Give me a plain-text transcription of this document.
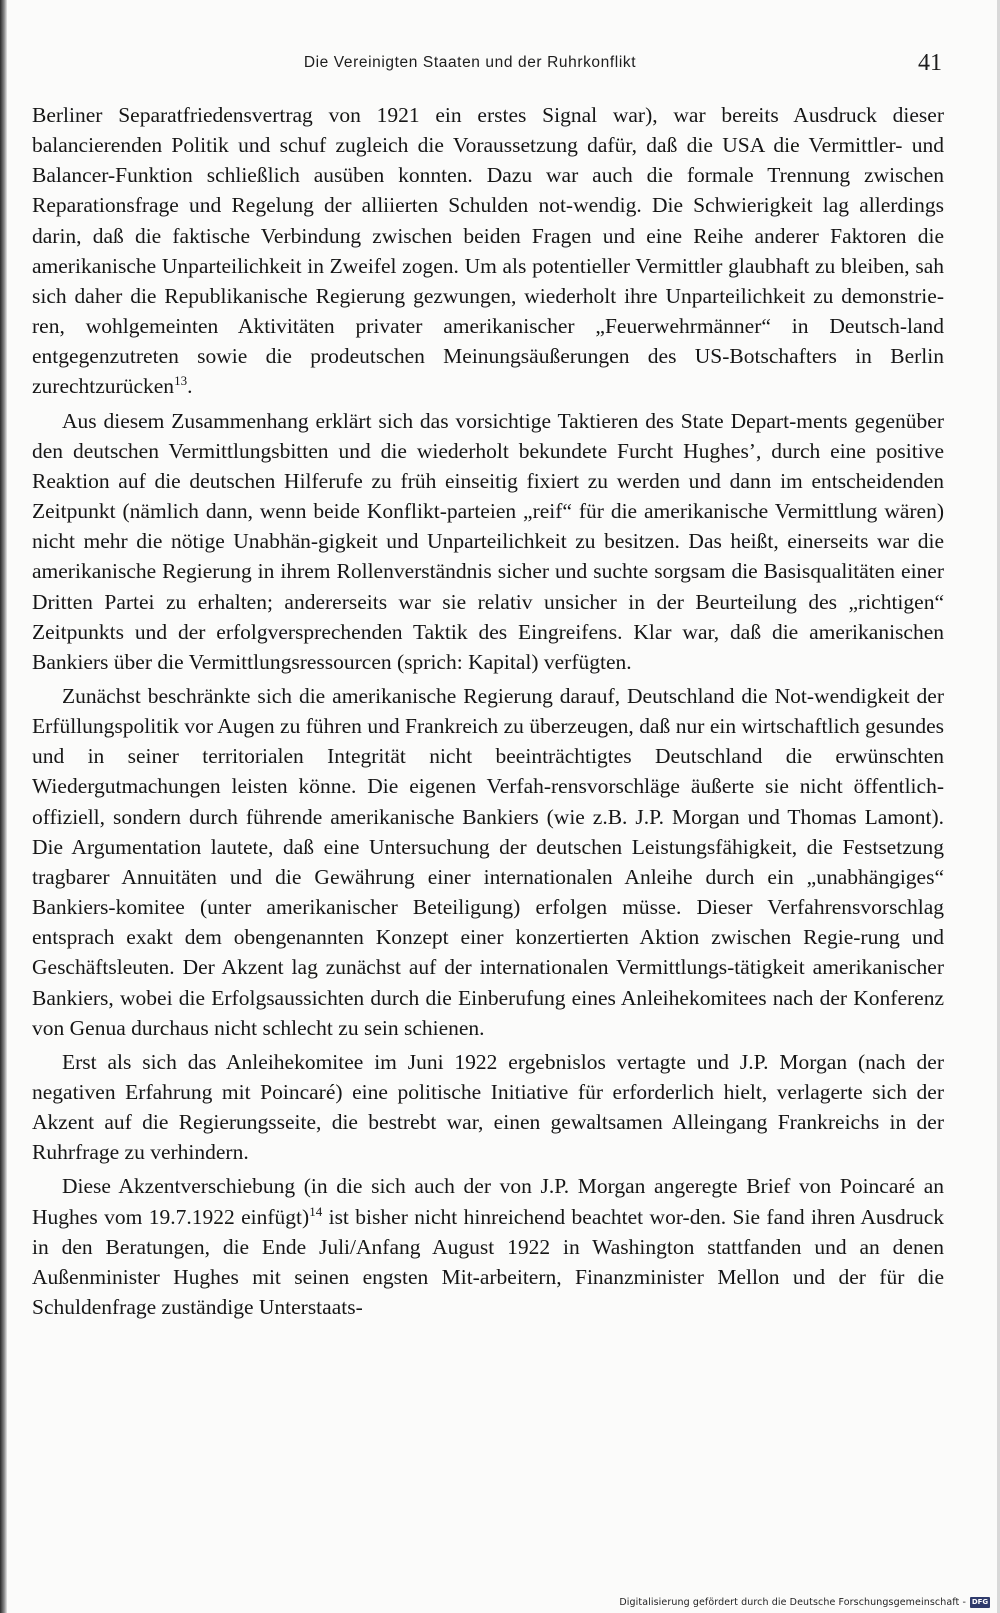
Die Vereinigten Staaten und der Ruhrkonflikt	41

Berliner Separatfriedensvertrag von 1921 ein erstes Signal war), war bereits Ausdruck dieser balancierenden Politik und schuf zugleich die Voraussetzung dafür, daß die USA die Vermittler- und Balancer-Funktion schließlich ausüben konnten. Dazu war auch die formale Trennung zwischen Reparationsfrage und Regelung der alliierten Schulden not-wendig. Die Schwierigkeit lag allerdings darin, daß die faktische Verbindung zwischen beiden Fragen und eine Reihe anderer Faktoren die amerikanische Unparteilichkeit in Zweifel zogen. Um als potentieller Vermittler glaubhaft zu bleiben, sah sich daher die Republikanische Regierung gezwungen, wiederholt ihre Unparteilichkeit zu demonstrie-ren, wohlgemeinten Aktivitäten privater amerikanischer „Feuerwehrmänner“ in Deutsch-land entgegenzutreten sowie die prodeutschen Meinungsäußerungen des US-Botschafters in Berlin zurechtzurücken$^{13}$.

Aus diesem Zusammenhang erklärt sich das vorsichtige Taktieren des State Depart-ments gegenüber den deutschen Vermittlungsbitten und die wiederholt bekundete Furcht Hughes’, durch eine positive Reaktion auf die deutschen Hilferufe zu früh einseitig fixiert zu werden und dann im entscheidenden Zeitpunkt (nämlich dann, wenn beide Konflikt-parteien „reif“ für die amerikanische Vermittlung wären) nicht mehr die nötige Unabhän-gigkeit und Unparteilichkeit zu besitzen. Das heißt, einerseits war die amerikanische Regierung in ihrem Rollenverständnis sicher und suchte sorgsam die Basisqualitäten einer Dritten Partei zu erhalten; andererseits war sie relativ unsicher in der Beurteilung des „richtigen“ Zeitpunkts und der erfolgversprechenden Taktik des Eingreifens. Klar war, daß die amerikanischen Bankiers über die Vermittlungsressourcen (sprich: Kapital) verfügten.

Zunächst beschränkte sich die amerikanische Regierung darauf, Deutschland die Not-wendigkeit der Erfüllungspolitik vor Augen zu führen und Frankreich zu überzeugen, daß nur ein wirtschaftlich gesundes und in seiner territorialen Integrität nicht beeinträchtigtes Deutschland die erwünschten Wiedergutmachungen leisten könne. Die eigenen Verfah-rensvorschläge äußerte sie nicht öffentlich-offiziell, sondern durch führende amerikanische Bankiers (wie z.B. J.P. Morgan und Thomas Lamont). Die Argumentation lautete, daß eine Untersuchung der deutschen Leistungsfähigkeit, die Festsetzung tragbarer Annuitäten und die Gewährung einer internationalen Anleihe durch ein „unabhängiges“ Bankiers-komitee (unter amerikanischer Beteiligung) erfolgen müsse. Dieser Verfahrensvorschlag entsprach exakt dem obengenannten Konzept einer konzertierten Aktion zwischen Regie-rung und Geschäftsleuten. Der Akzent lag zunächst auf der internationalen Vermittlungs-tätigkeit amerikanischer Bankiers, wobei die Erfolgsaussichten durch die Einberufung eines Anleihekomitees nach der Konferenz von Genua durchaus nicht schlecht zu sein schienen.

Erst als sich das Anleihekomitee im Juni 1922 ergebnislos vertagte und J.P. Morgan (nach der negativen Erfahrung mit Poincaré) eine politische Initiative für erforderlich hielt, verlagerte sich der Akzent auf die Regierungsseite, die bestrebt war, einen gewaltsamen Alleingang Frankreichs in der Ruhrfrage zu verhindern.

Diese Akzentverschiebung (in die sich auch der von J.P. Morgan angeregte Brief von Poincaré an Hughes vom 19.7.1922 einfügt)$^{14}$ ist bisher nicht hinreichend beachtet wor-den. Sie fand ihren Ausdruck in den Beratungen, die Ende Juli/Anfang August 1922 in Washington stattfanden und an denen Außenminister Hughes mit seinen engsten Mit-arbeitern, Finanzminister Mellon und der für die Schuldenfrage zuständige Unterstaats-

Digitalisierung gefördert durch die Deutsche Forschungsgemeinschaft - DFG
